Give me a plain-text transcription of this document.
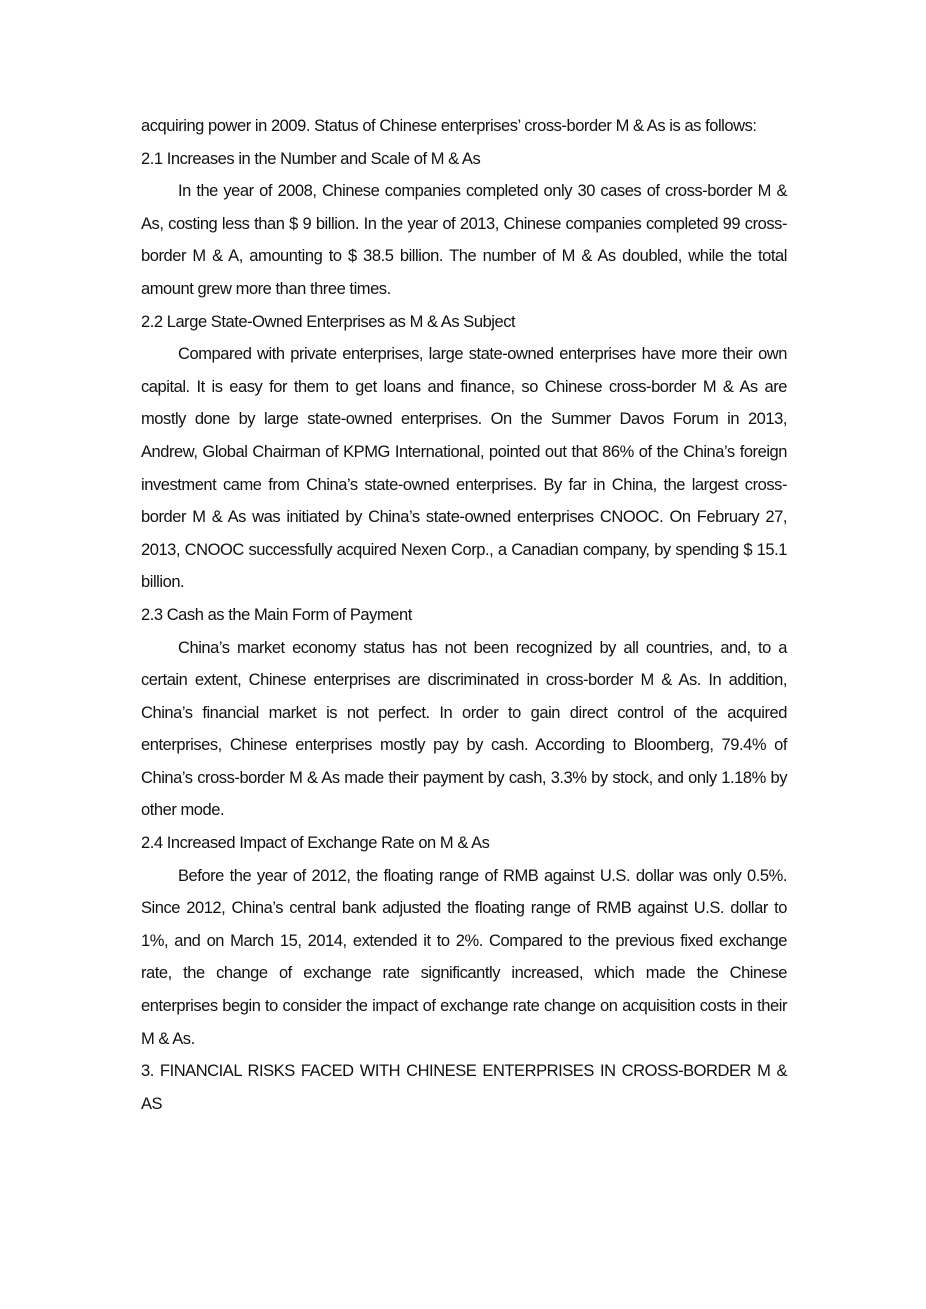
acquiring power in 2009. Status of Chinese enterprises’ cross-border M & As is as follows:

2.1 Increases in the Number and Scale of M & As

In the year of 2008, Chinese companies completed only 30 cases of cross-border M & As, costing less than $ 9 billion. In the year of 2013, Chinese companies completed 99 cross-border M & A, amounting to $ 38.5 billion. The number of M & As doubled, while the total amount grew more than three times.

2.2 Large State-Owned Enterprises as M & As Subject

Compared with private enterprises, large state-owned enterprises have more their own capital. It is easy for them to get loans and finance, so Chinese cross-border M & As are mostly done by large state-owned enterprises. On the Summer Davos Forum in 2013, Andrew, Global Chairman of KPMG International, pointed out that 86% of the China’s foreign investment came from China’s state-owned enterprises. By far in China, the largest cross-border M & As was initiated by China’s state-owned enterprises CNOOC. On February 27, 2013, CNOOC successfully acquired Nexen Corp., a Canadian company, by spending $ 15.1 billion.

2.3 Cash as the Main Form of Payment

China’s market economy status has not been recognized by all countries, and, to a certain extent, Chinese enterprises are discriminated in cross-border M & As. In addition, China’s financial market is not perfect. In order to gain direct control of the acquired enterprises, Chinese enterprises mostly pay by cash. According to Bloomberg, 79.4% of China’s cross-border M & As made their payment by cash, 3.3% by stock, and only 1.18% by other mode.

2.4 Increased Impact of Exchange Rate on M & As

Before the year of 2012, the floating range of RMB against U.S. dollar was only 0.5%. Since 2012, China’s central bank adjusted the floating range of RMB against U.S. dollar to 1%, and on March 15, 2014, extended it to 2%. Compared to the previous fixed exchange rate, the change of exchange rate significantly increased, which made the Chinese enterprises begin to consider the impact of exchange rate change on acquisition costs in their M & As.

3. FINANCIAL RISKS FACED WITH CHINESE ENTERPRISES IN CROSS-BORDER M & AS
